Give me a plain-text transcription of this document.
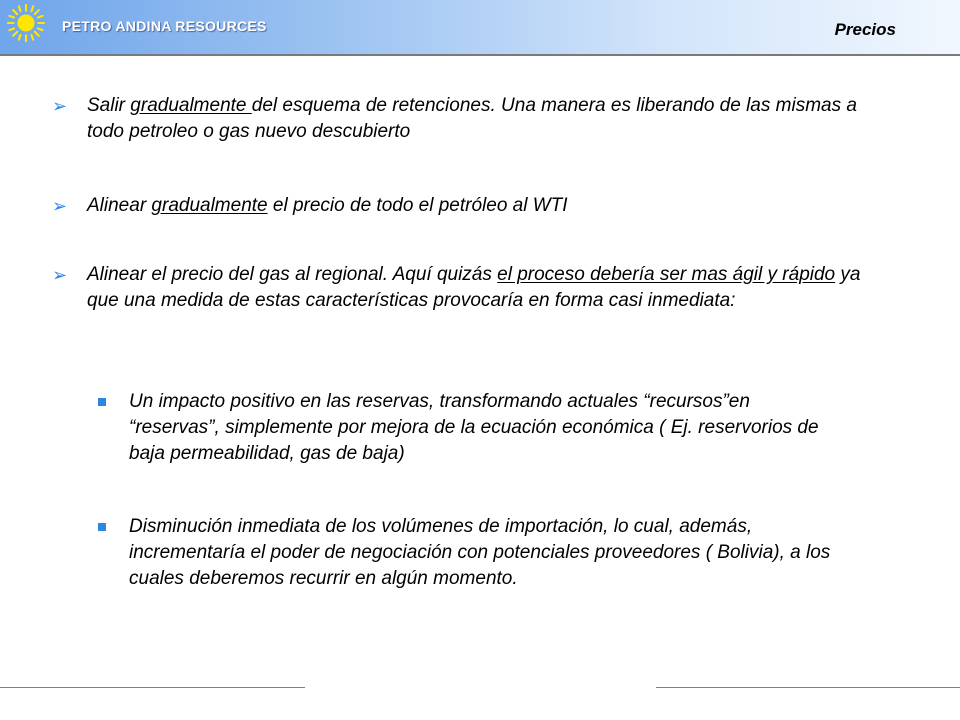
PETRO ANDINA RESOURCES	Precios
➢ Salir gradualmente del esquema de retenciones. Una manera es liberando de las mismas a todo petroleo o gas nuevo descubierto
➢ Alinear gradualmente el precio de todo el petróleo al WTI
➢ Alinear el precio del gas al regional. Aquí quizás el proceso debería ser mas ágil y rápido ya que una medida de estas características provocaría en forma casi inmediata:
Un impacto positivo en las reservas, transformando actuales “recursos”en “reservas”, simplemente por mejora de la ecuación económica ( Ej. reservorios de baja permeabilidad, gas de baja)
Disminución inmediata de los volúmenes de importación, lo cual, además, incrementaría el poder de negociación con potenciales proveedores ( Bolivia), a los cuales deberemos recurrir en algún momento.
